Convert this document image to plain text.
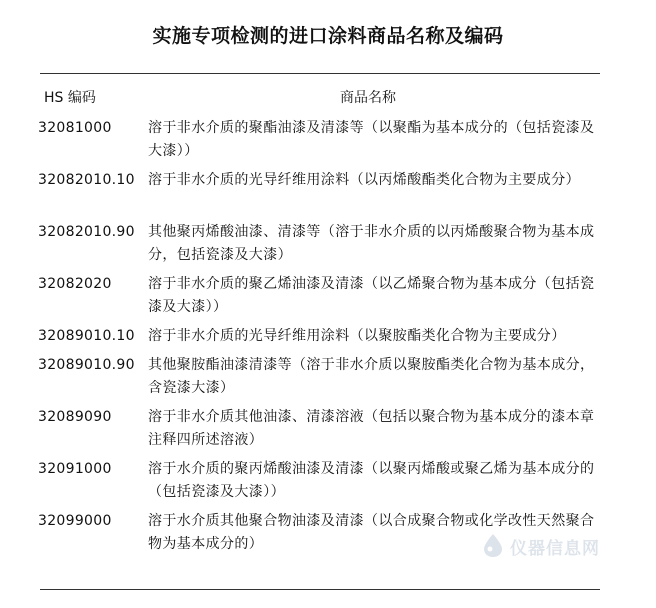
实施专项检测的进口涂料商品名称及编码
HS 编码	商品名称
32081000	溶于非水介质的聚酯油漆及清漆等（以聚酯为基本成分的（包括瓷漆及大漆））
32082010.10 溶于非水介质的光导纤维用涂料（以丙烯酸酯类化合物为主要成分）
32082010.90 其他聚丙烯酸油漆、清漆等（溶于非水介质的以丙烯酸聚合物为基本成分，包括瓷漆及大漆）
32082020	溶于非水介质的聚乙烯油漆及清漆（以乙烯聚合物为基本成分（包括瓷漆及大漆））
32089010.10 溶于非水介质的光导纤维用涂料（以聚胺酯类化合物为主要成分）
32089010.90 其他聚胺酯油漆清漆等（溶于非水介质以聚胺酯类化合物为基本成分，含瓷漆大漆）
32089090	溶于非水介质其他油漆、清漆溶液（包括以聚合物为基本成分的漆本章注释四所述溶液）
32091000	溶于水介质的聚丙烯酸油漆及清漆（以聚丙烯酸或聚乙烯为基本成分的（包括瓷漆及大漆））
32099000	溶于水介质其他聚合物油漆及清漆（以合成聚合物或化学改性天然聚合物为基本成分的）	仪器信息网
